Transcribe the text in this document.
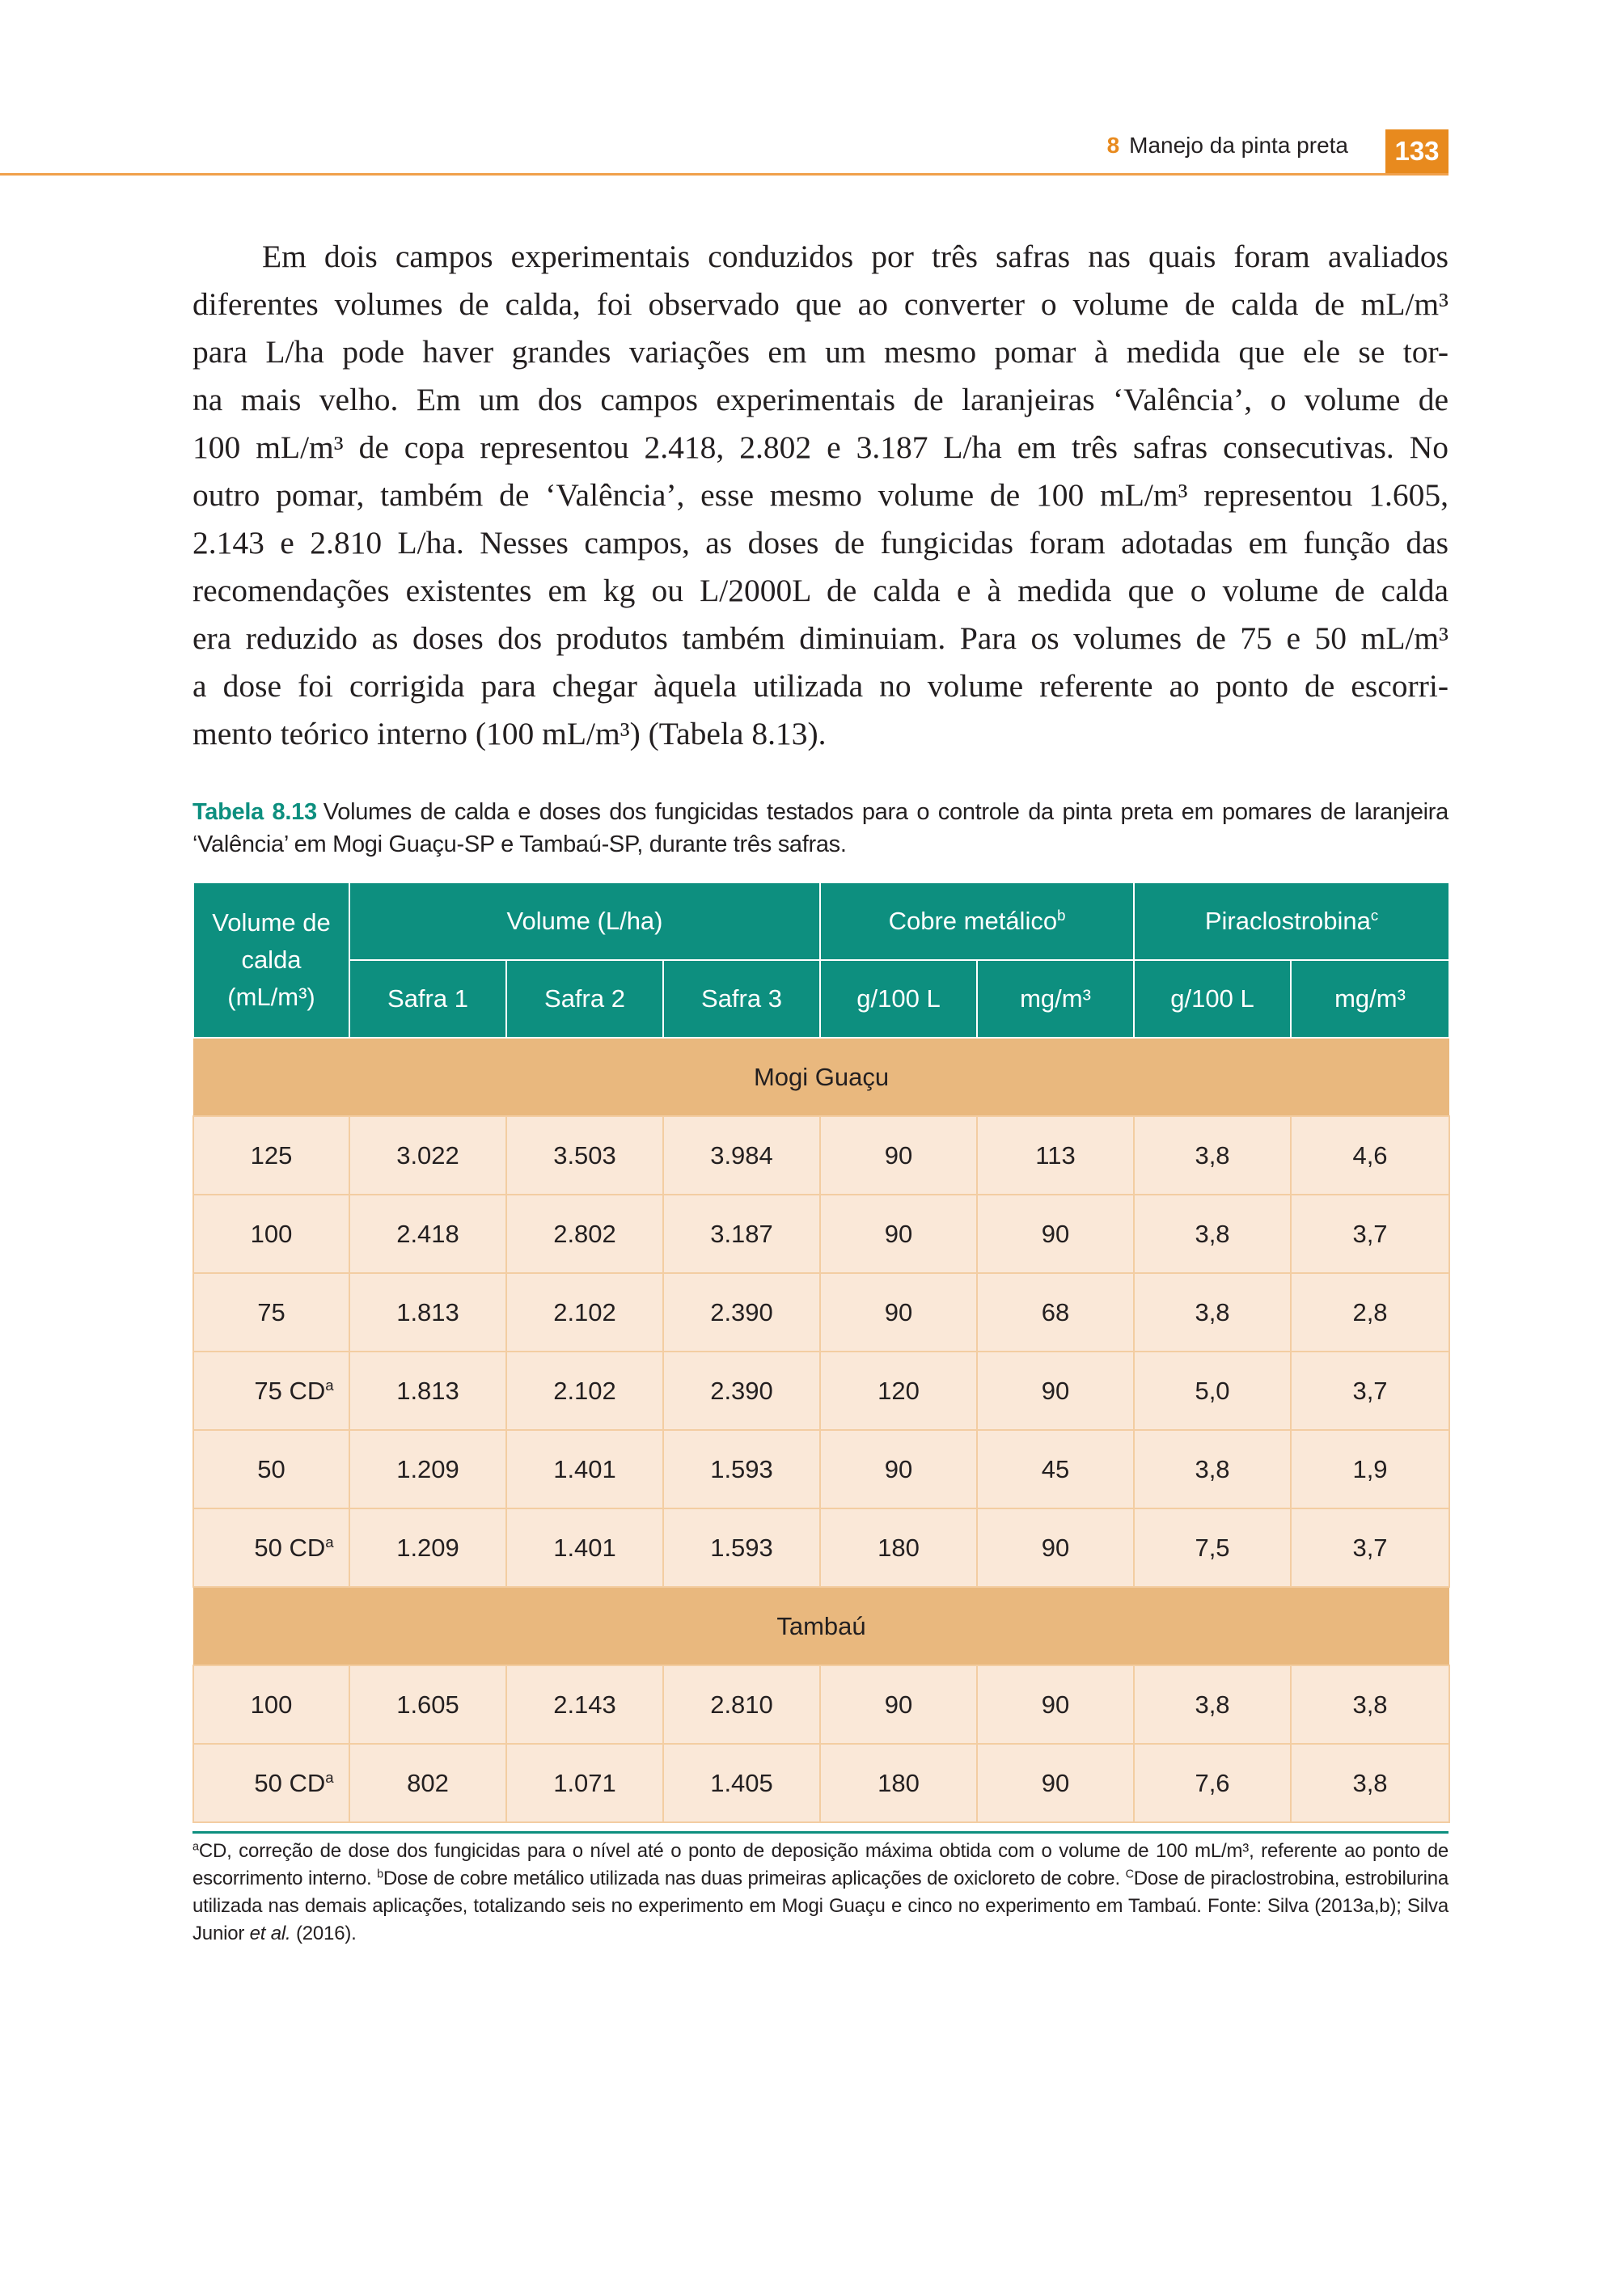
8 Manejo da pinta preta	133
Em dois campos experimentais conduzidos por três safras nas quais foram avaliados
diferentes volumes de calda, foi observado que ao converter o volume de calda de mL/m³
para L/ha pode haver grandes variações em um mesmo pomar à medida que ele se tor-
na mais velho. Em um dos campos experimentais de laranjeiras ‘Valência’, o volume de
100 mL/m³ de copa representou 2.418, 2.802 e 3.187 L/ha em três safras consecutivas. No
outro pomar, também de ‘Valência’, esse mesmo volume de 100 mL/m³ representou 1.605,
2.143 e 2.810 L/ha. Nesses campos, as doses de fungicidas foram adotadas em função das
recomendações existentes em kg ou L/2000L de calda e à medida que o volume de calda
era reduzido as doses dos produtos também diminuiam. Para os volumes de 75 e 50 mL/m³
a dose foi corrigida para chegar àquela utilizada no volume referente ao ponto de escorri-
mento teórico interno (100 mL/m³) (Tabela 8.13).
Tabela 8.13 Volumes de calda e doses dos fungicidas testados para o controle da pinta preta em pomares de laranjeira ‘Valência’ em Mogi Guaçu-SP e Tambaú-SP, durante três safras.
Volume de
calda
(mL/m³)	Volume (L/ha)			Cobre metálico$^b$		Piraclostrobina$^c$
	Safra 1	Safra 2	Safra 3	g/100 L	mg/m³	g/100 L	mg/m³
Mogi Guaçu							
125	3.022	3.503	3.984	90	113	3,8	4,6
100	2.418	2.802	3.187	90	90	3,8	3,7
75	1.813	2.102	2.390	90	68	3,8	2,8
75 $CD^a$	1.813	2.102	2.390	120	90	5,0	3,7
50	1.209	1.401	1.593	90	45	3,8	1,9
50 $CD^a$	1.209	1.401	1.593	180	90	7,5	3,7
Tambaú							
100	1.605	2.143	2.810	90	90	3,8	3,8
50 $CD^a$	802	1.071	1.405	180	90	7,6	3,8
$^a$CD, correção de dose dos fungicidas para o nível até o ponto de deposição máxima obtida com o volume de 100 mL/m³, referente ao ponto de escorrimento interno. $^b$Dose de cobre metálico utilizada nas duas primeiras aplicações de oxicloreto de cobre. $^C$Dose de piraclostrobina, estrobilurina utilizada nas demais aplicações, totalizando seis no experimento em Mogi Guaçu e cinco no experimento em Tambaú. Fonte: Silva (2013a,b); Silva Junior et al. (2016).
